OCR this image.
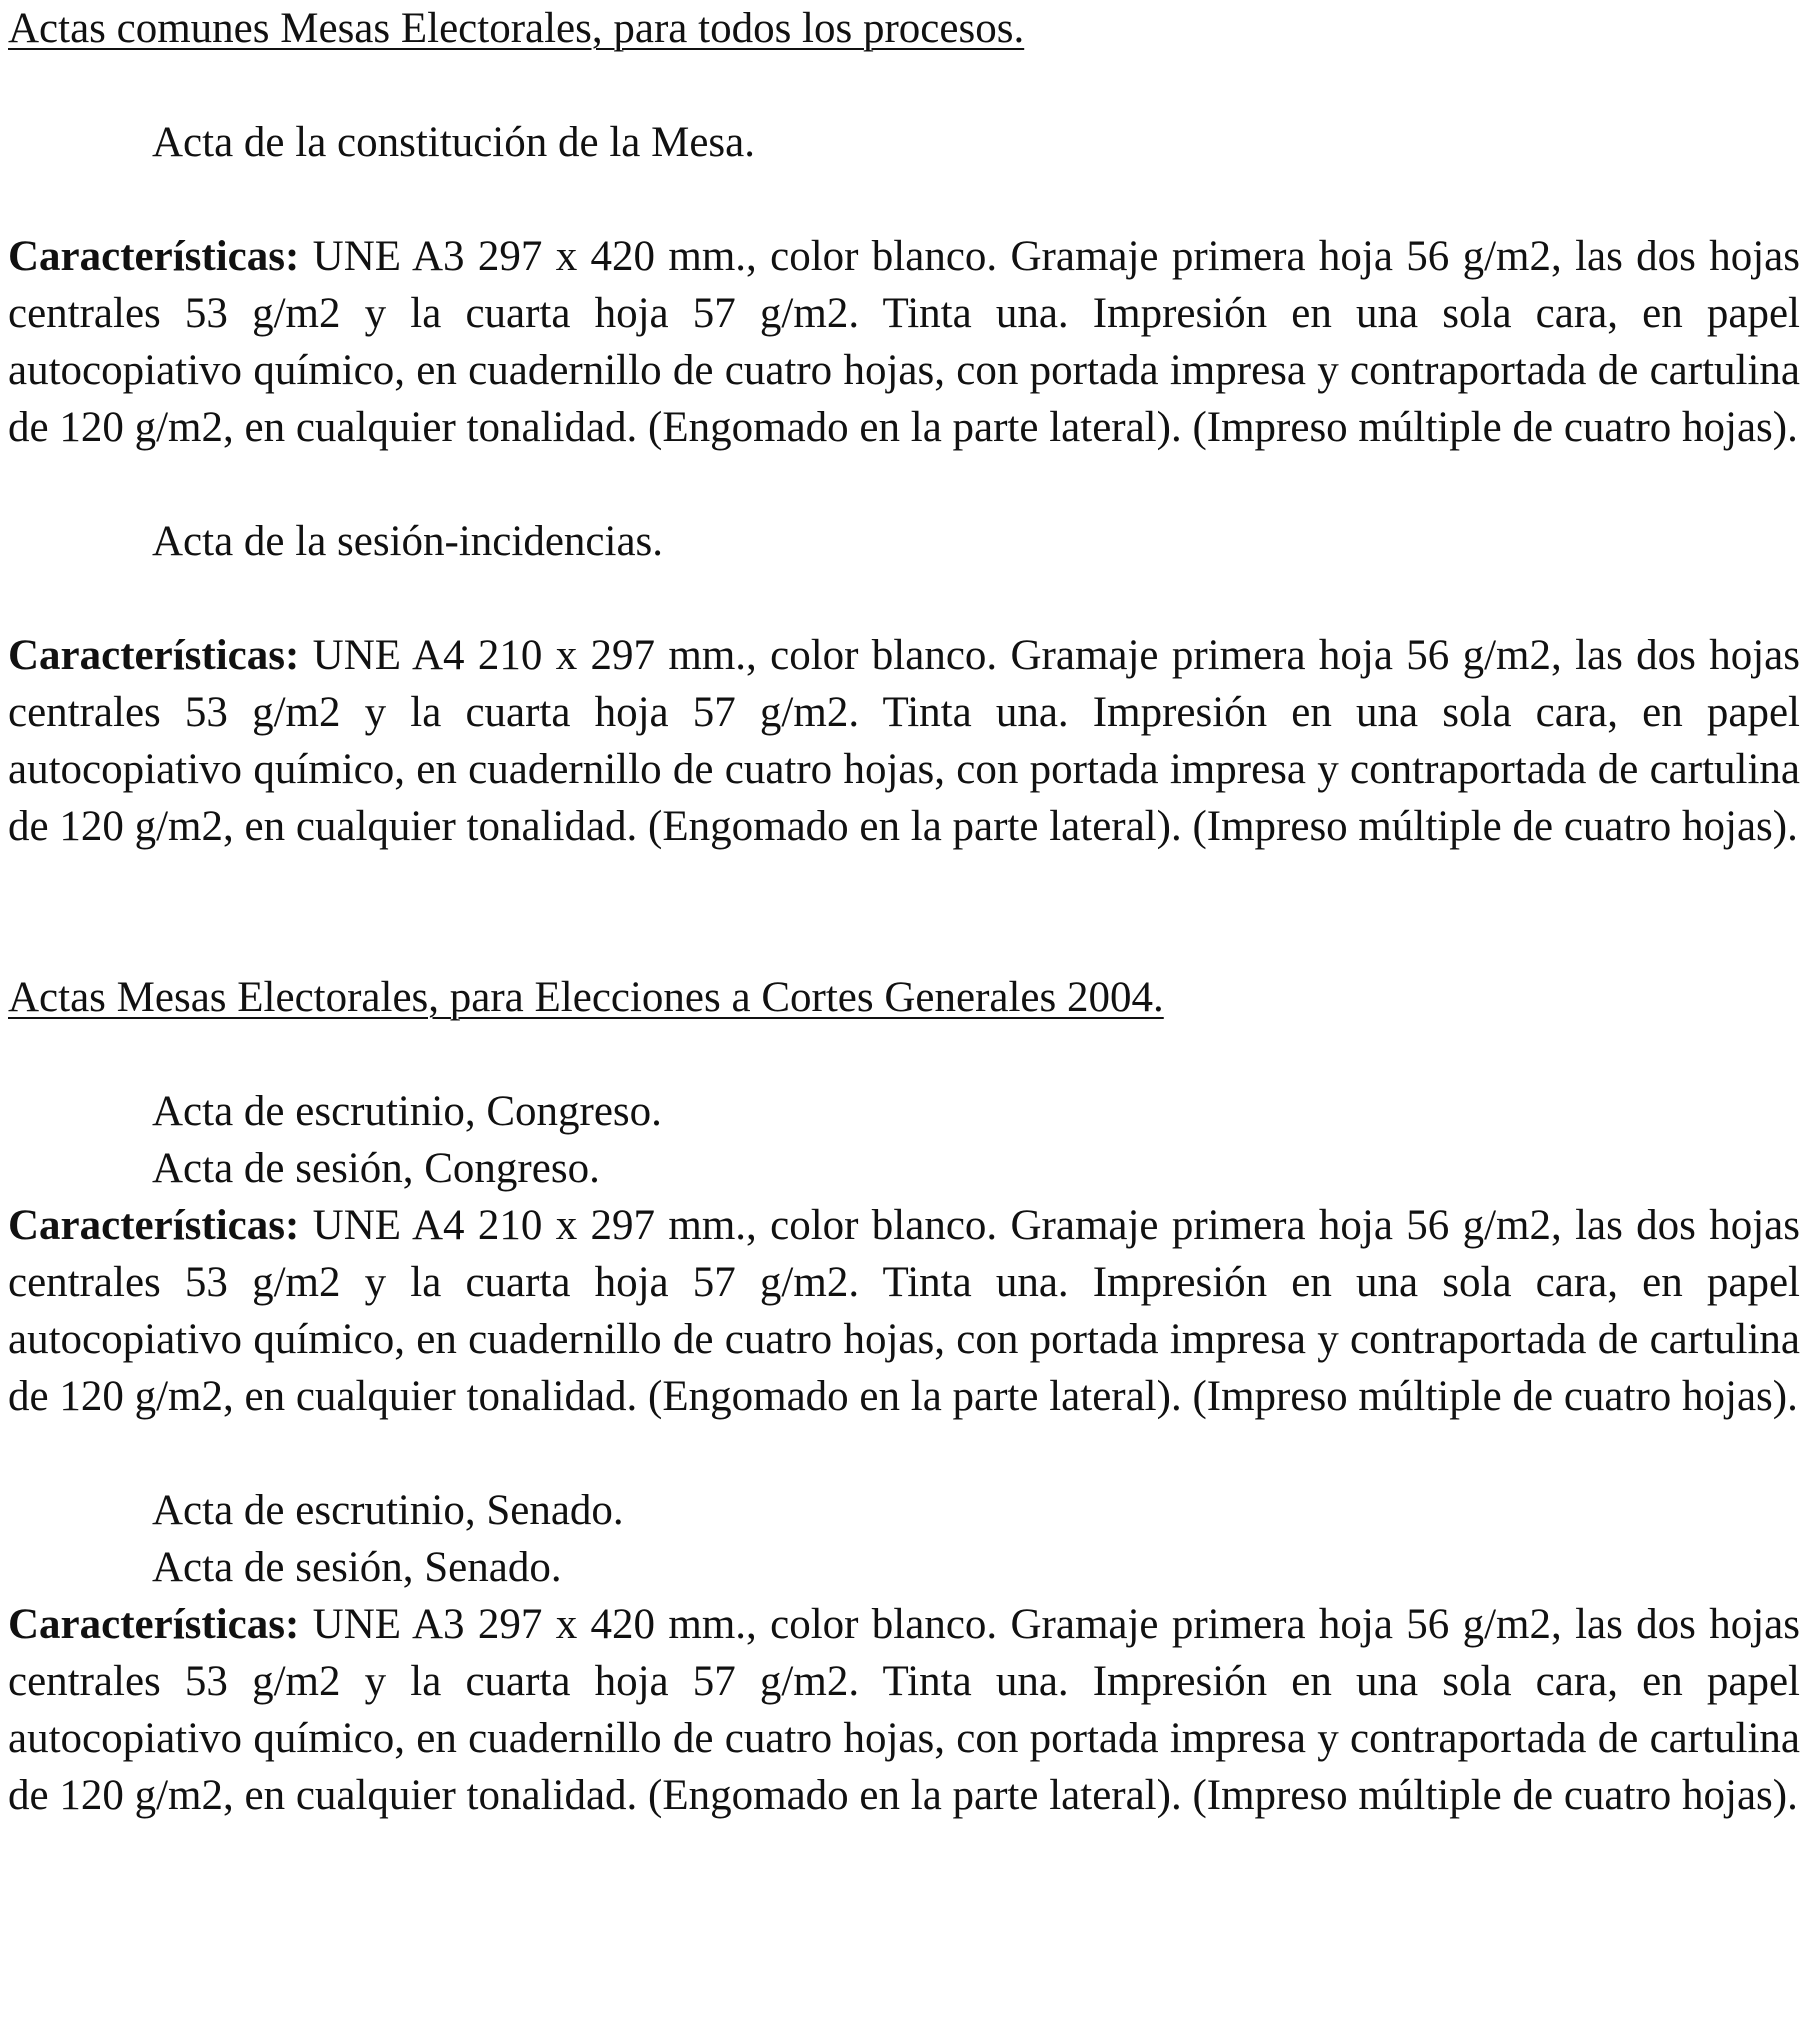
Actas comunes Mesas Electorales, para todos los procesos.
Acta de la constitución de la Mesa.
Características: UNE A3 297 x 420 mm., color blanco. Gramaje primera hoja 56 g/m2, las dos hojas centrales 53 g/m2 y la cuarta hoja 57 g/m2. Tinta una. Impresión en una sola cara, en papel autocopiativo químico, en cuadernillo de cuatro hojas, con portada impresa y contraportada de cartulina de 120 g/m2, en cualquier tonalidad. (Engomado en la parte lateral). (Impreso múltiple de cuatro hojas).
Acta de la sesión-incidencias.
Características: UNE A4 210 x 297 mm., color blanco. Gramaje primera hoja 56 g/m2, las dos hojas centrales 53 g/m2 y la cuarta hoja 57 g/m2. Tinta una. Impresión en una sola cara, en papel autocopiativo químico, en cuadernillo de cuatro hojas, con portada impresa y contraportada de cartulina de 120 g/m2, en cualquier tonalidad. (Engomado en la parte lateral). (Impreso múltiple de cuatro hojas).
Actas Mesas Electorales, para Elecciones a Cortes Generales 2004.
Acta de escrutinio, Congreso.
Acta de sesión, Congreso.
Características: UNE A4 210 x 297 mm., color blanco. Gramaje primera hoja 56 g/m2, las dos hojas centrales 53 g/m2 y la cuarta hoja 57 g/m2. Tinta una. Impresión en una sola cara, en papel autocopiativo químico, en cuadernillo de cuatro hojas, con portada impresa y contraportada de cartulina de 120 g/m2, en cualquier tonalidad. (Engomado en la parte lateral). (Impreso múltiple de cuatro hojas).
Acta de escrutinio, Senado.
Acta de sesión, Senado.
Características: UNE A3 297 x 420 mm., color blanco. Gramaje primera hoja 56 g/m2, las dos hojas centrales 53 g/m2 y la cuarta hoja 57 g/m2. Tinta una. Impresión en una sola cara, en papel autocopiativo químico, en cuadernillo de cuatro hojas, con portada impresa y contraportada de cartulina de 120 g/m2, en cualquier tonalidad. (Engomado en la parte lateral). (Impreso múltiple de cuatro hojas).
